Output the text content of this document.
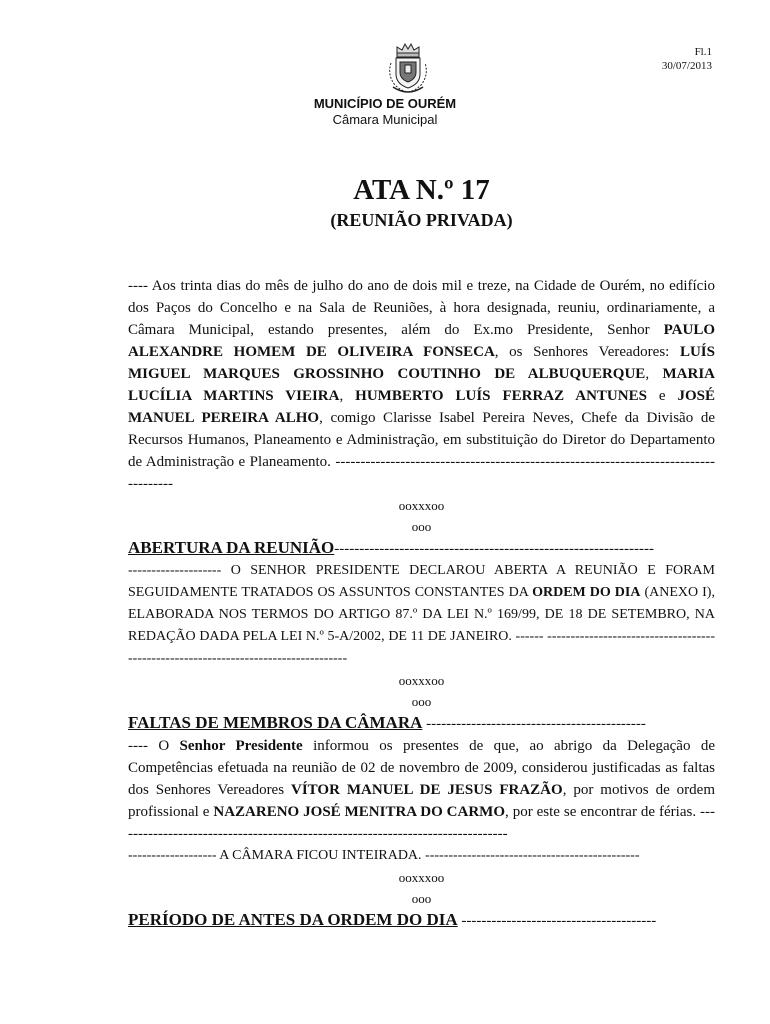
Fl.1
30/07/2013
MUNICÍPIO DE OURÉM
Câmara Municipal
ATA N.º 17
(REUNIÃO PRIVADA)

---- Aos trinta dias do mês de julho do ano de dois mil e treze, na Cidade de Ourém, no edifício dos Paços do Concelho e na Sala de Reuniões, à hora designada, reuniu, ordinariamente, a Câmara Municipal, estando presentes, além do Ex.mo Presidente, Senhor PAULO ALEXANDRE HOMEM DE OLIVEIRA FONSECA, os Senhores Vereadores: LUÍS MIGUEL MARQUES GROSSINHO COUTINHO DE ALBUQUERQUE, MARIA LUCÍLIA MARTINS VIEIRA, HUMBERTO LUÍS FERRAZ ANTUNES e JOSÉ MANUEL PEREIRA ALHO, comigo Clarisse Isabel Pereira Neves, Chefe da Divisão de Recursos Humanos, Planeamento e Administração, em substituição do Diretor do Departamento de Administração e Planeamento. -------------------------------------------------------------------------------------

ooxxxoo
ooo
ABERTURA DA REUNIÃO----------------------------------------------------------------

-------------------- O SENHOR PRESIDENTE DECLAROU ABERTA A REUNIÃO E FORAM SEGUIDAMENTE TRATADOS OS ASSUNTOS CONSTANTES DA ORDEM DO DIA (ANEXO I), ELABORADA NOS TERMOS DO ARTIGO 87.º DA LEI N.º 169/99, DE 18 DE SETEMBRO, NA REDAÇÃO DADA PELA LEI N.º 5-A/2002, DE 11 DE JANEIRO. ------ -----------------------------------------------------------------------------------

ooxxxoo
ooo
FALTAS DE MEMBROS DA CÂMARA --------------------------------------------

---- O Senhor Presidente informou os presentes de que, ao abrigo da Delegação de Competências efetuada na reunião de 02 de novembro de 2009, considerou justificadas as faltas dos Senhores Vereadores VÍTOR MANUEL DE JESUS FRAZÃO, por motivos de ordem profissional e NAZARENO JOSÉ MENITRA DO CARMO, por este se encontrar de férias. -------------------------------------------------------------------------------

------------------- A CÂMARA FICOU INTEIRADA. ----------------------------------------------
ooxxxoo
ooo
PERÍODO DE ANTES DA ORDEM DO DIA ---------------------------------------
